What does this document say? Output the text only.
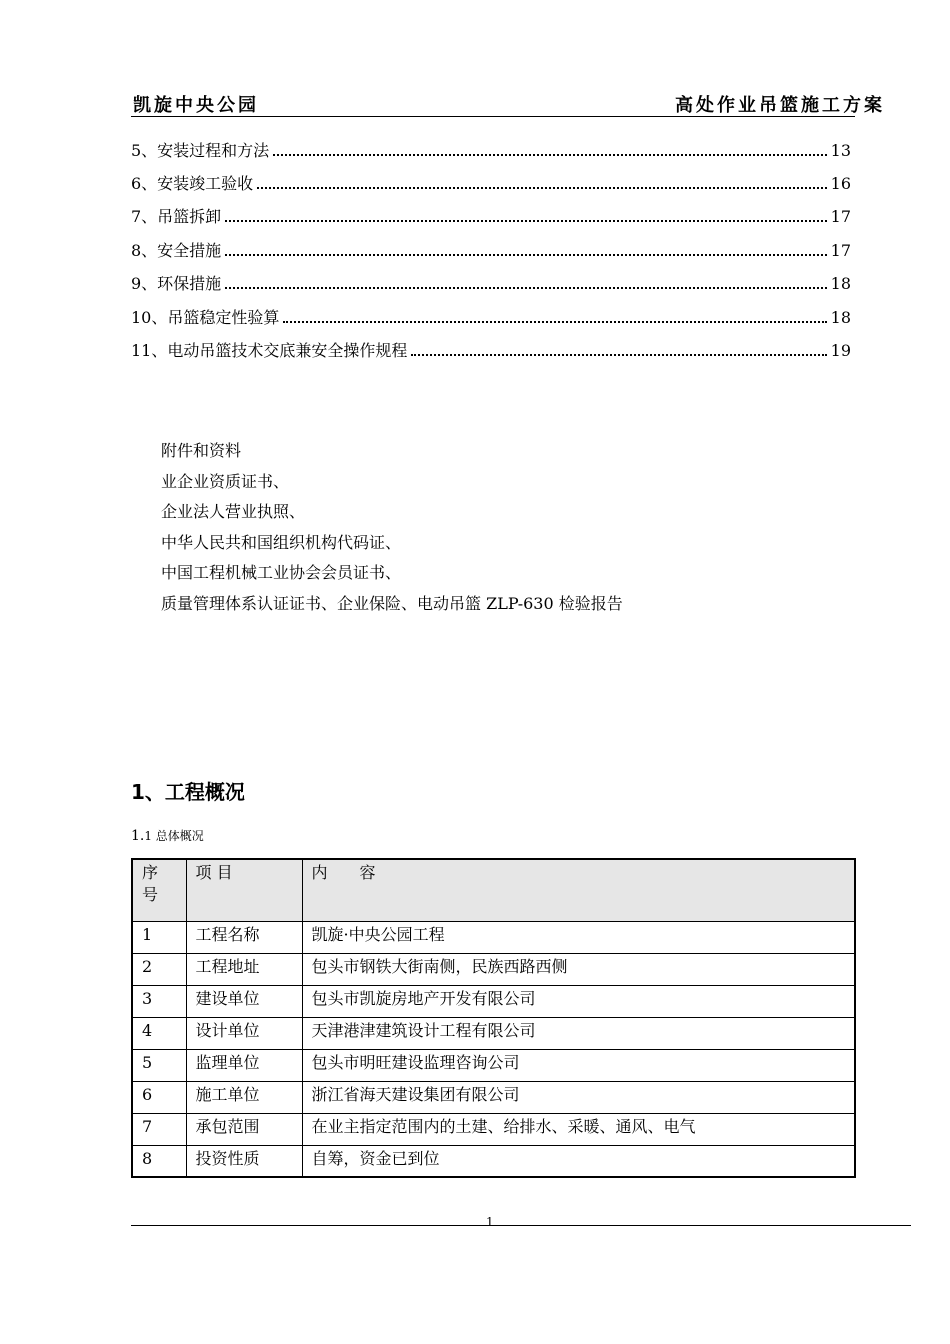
凯旋中央公园	高处作业吊篮施工方案
5、安装过程和方法	13
6、安装竣工验收	16
7、吊篮拆卸	17
8、安全措施	17
9、环保措施	18
10、吊篮稳定性验算	18
11、电动吊篮技术交底兼安全操作规程	19
附件和资料
业企业资质证书、
企业法人营业执照、
中华人民共和国组织机构代码证、
中国工程机械工业协会会员证书、
质量管理体系认证证书、企业保险、电动吊篮 ZLP-630 检验报告
1、工程概况
1.1 总体概况
序号	项 目	内　　容
1	工程名称	凯旋·中央公园工程
2	工程地址	包头市钢铁大街南侧，民族西路西侧
3	建设单位	包头市凯旋房地产开发有限公司
4	设计单位	天津港津建筑设计工程有限公司
5	监理单位	包头市明旺建设监理咨询公司
6	施工单位	浙江省海天建设集团有限公司
7	承包范围	在业主指定范围内的土建、给排水、采暖、通风、电气
8	投资性质	自筹，资金已到位
1
